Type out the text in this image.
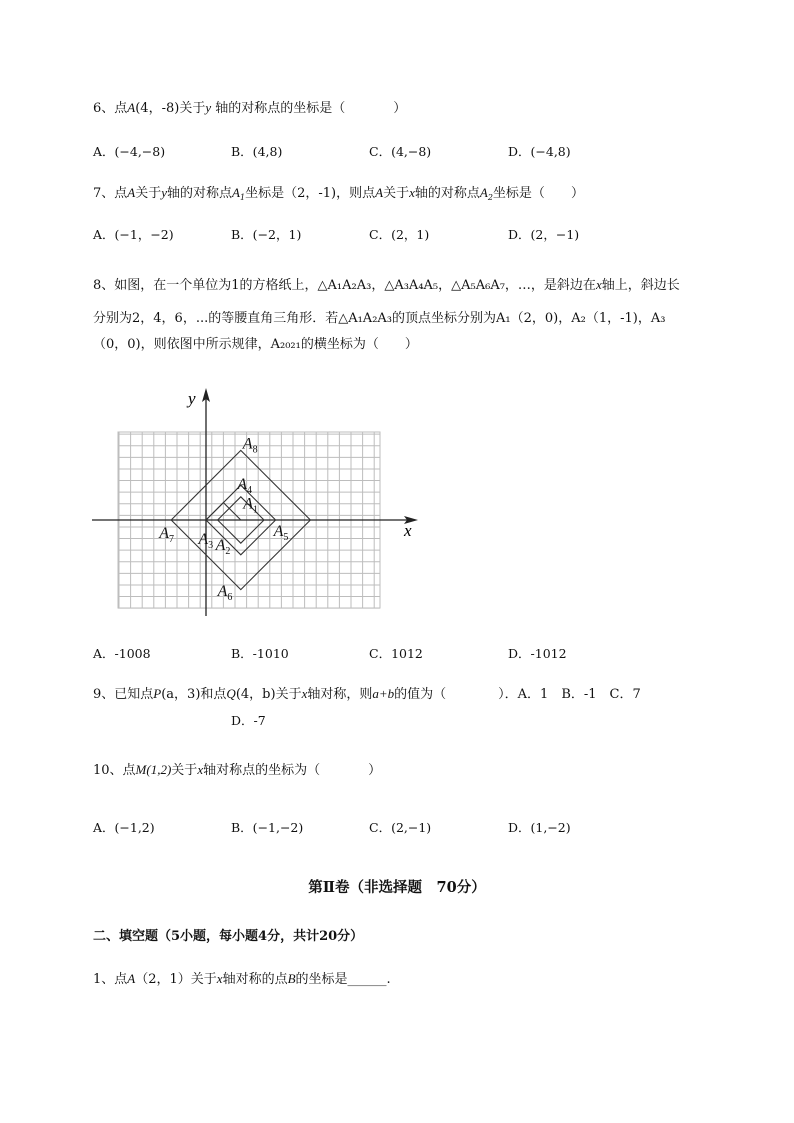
6、点A(4，-8)关于y 轴的对称点的坐标是（	）
A．(−4,−8)	B．(4,8)	C．(4,−8)	D．(−4,8)
7、点A关于y轴的对称点$A_1$坐标是（2，-1)，则点A关于x轴的对称点$A_2$坐标是（ ）
A．(−1，−2)	B．(−2，1)	C．(2，1)	D．(2，−1)
8、如图，在一个单位为1的方格纸上，△A₁A₂A₃，△A₃A₄A₅，△A₅A₆A₇，…，是斜边在x轴上，斜边长
分别为2，4，6，...的等腰直角三角形．若△A₁A₂A₃的顶点坐标分别为A₁（2，0)，A₂（1，-1)，A₃
（0，0)，则依图中所示规律，A₂₀₂₁的横坐标为（　　）
x
y
$A_8$
$A_4$
$A_1$
$A_7$ $A_3$ $A_2$
$A_5$
$A_6$
A．-1008	B．-1010	C．1012	D．-1012
9、已知点P(a，3)和点Q(4，b)关于x轴对称，则a+b的值为（	）．A．1　B．-1　C．7
D．-7
10、点M(1,2)关于x轴对称点的坐标为（	）
A．(−1,2)	B．(−1,−2)	C．(2,−1)	D．(1,−2)
第Ⅱ卷（非选择题　70分）
二、填空题（5小题，每小题4分，共计20分）
1、点A（2，1）关于x轴对称的点B的坐标是______.
